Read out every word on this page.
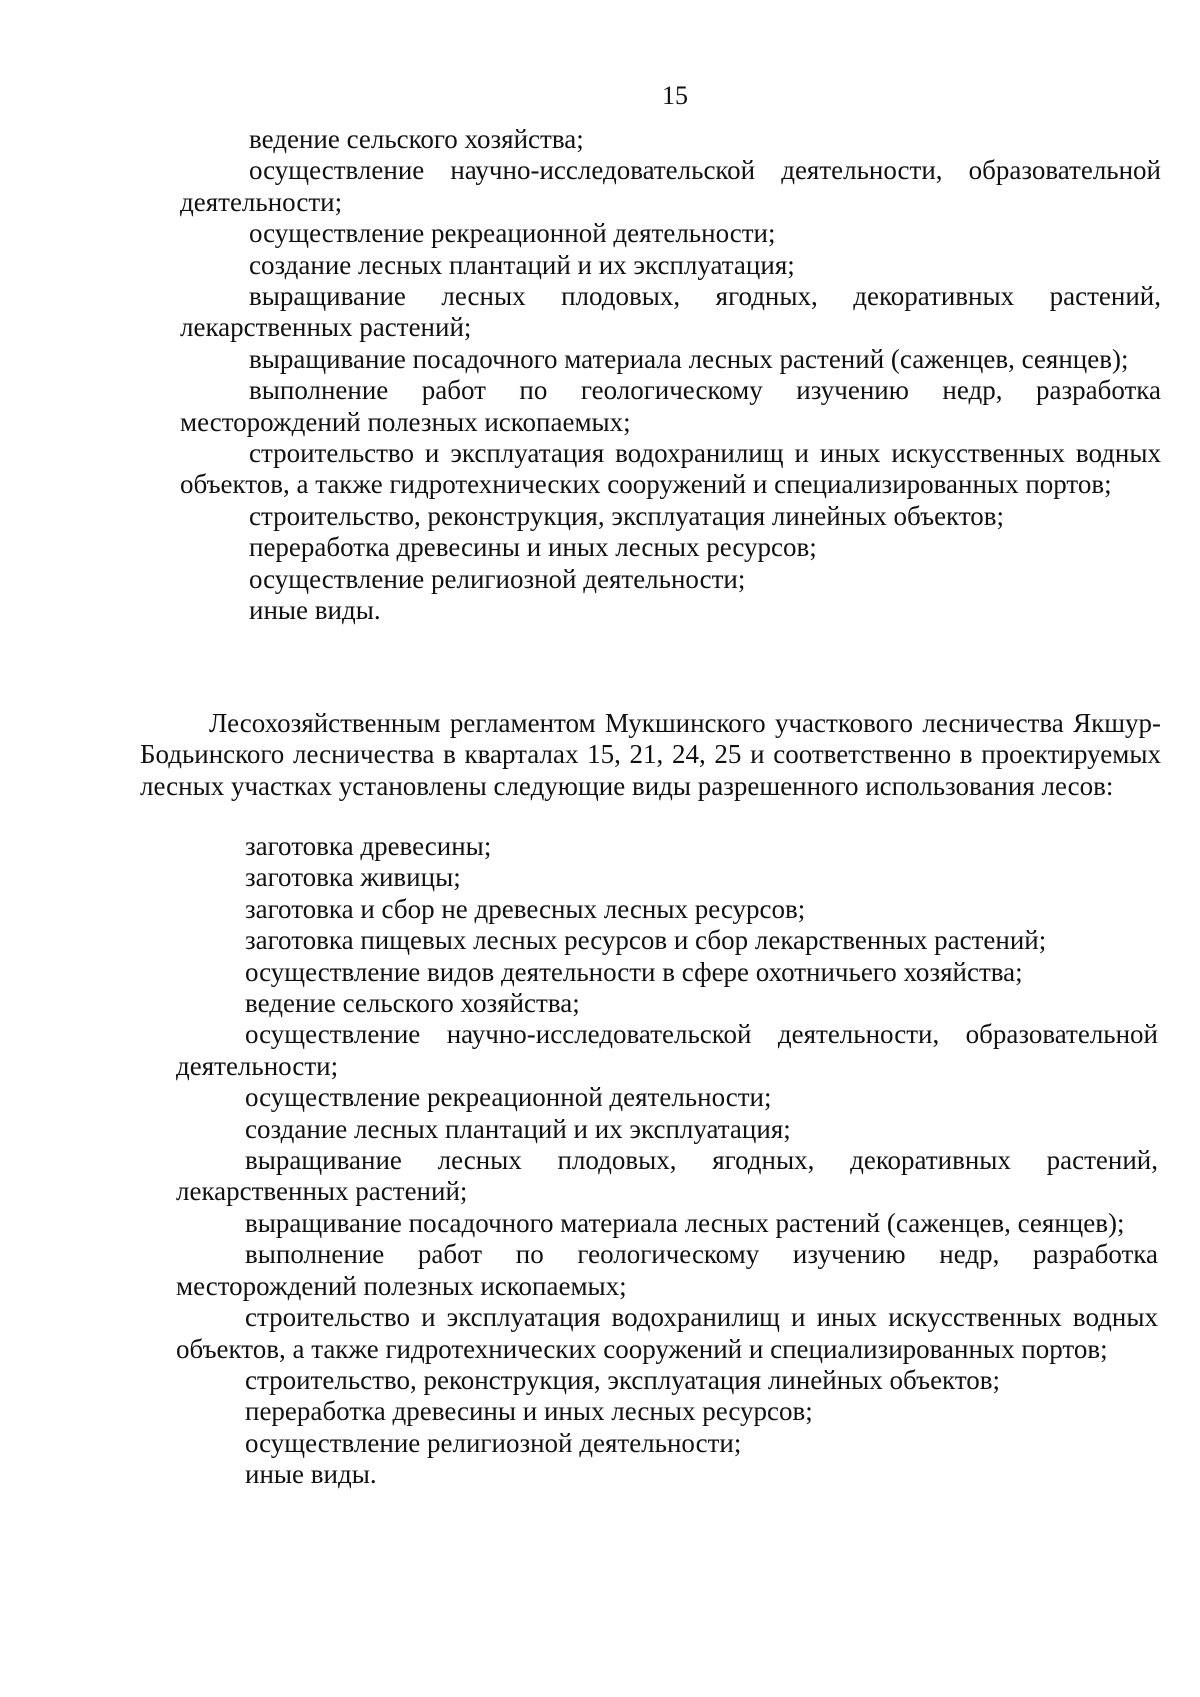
15

ведение сельского хозяйства;

осуществление научно-исследовательской деятельности, образовательной деятельности;

осуществление рекреационной деятельности;

создание лесных плантаций и их эксплуатация;

выращивание лесных плодовых, ягодных, декоративных растений, лекарственных растений;

выращивание посадочного материала лесных растений (саженцев, сеянцев);

выполнение работ по геологическому изучению недр, разработка месторождений полезных ископаемых;

строительство и эксплуатация водохранилищ и иных искусственных водных объектов, а также гидротехнических сооружений и специализированных портов;

строительство, реконструкция, эксплуатация линейных объектов;

переработка древесины и иных лесных ресурсов;

осуществление религиозной деятельности;

иные виды.

Лесохозяйственным регламентом Мукшинского участкового лесничества Якшур-Бодьинского лесничества в кварталах 15, 21, 24, 25 и соответственно в проектируемых лесных участках установлены следующие виды разрешенного использования лесов:

заготовка древесины;

заготовка живицы;

заготовка и сбор не древесных лесных ресурсов;

заготовка пищевых лесных ресурсов и сбор лекарственных растений;

осуществление видов деятельности в сфере охотничьего хозяйства;

ведение сельского хозяйства;

осуществление научно-исследовательской деятельности, образовательной деятельности;

осуществление рекреационной деятельности;

создание лесных плантаций и их эксплуатация;

выращивание лесных плодовых, ягодных, декоративных растений, лекарственных растений;

выращивание посадочного материала лесных растений (саженцев, сеянцев);

выполнение работ по геологическому изучению недр, разработка месторождений полезных ископаемых;

строительство и эксплуатация водохранилищ и иных искусственных водных объектов, а также гидротехнических сооружений и специализированных портов;

строительство, реконструкция, эксплуатация линейных объектов;

переработка древесины и иных лесных ресурсов;

осуществление религиозной деятельности;

иные виды.
